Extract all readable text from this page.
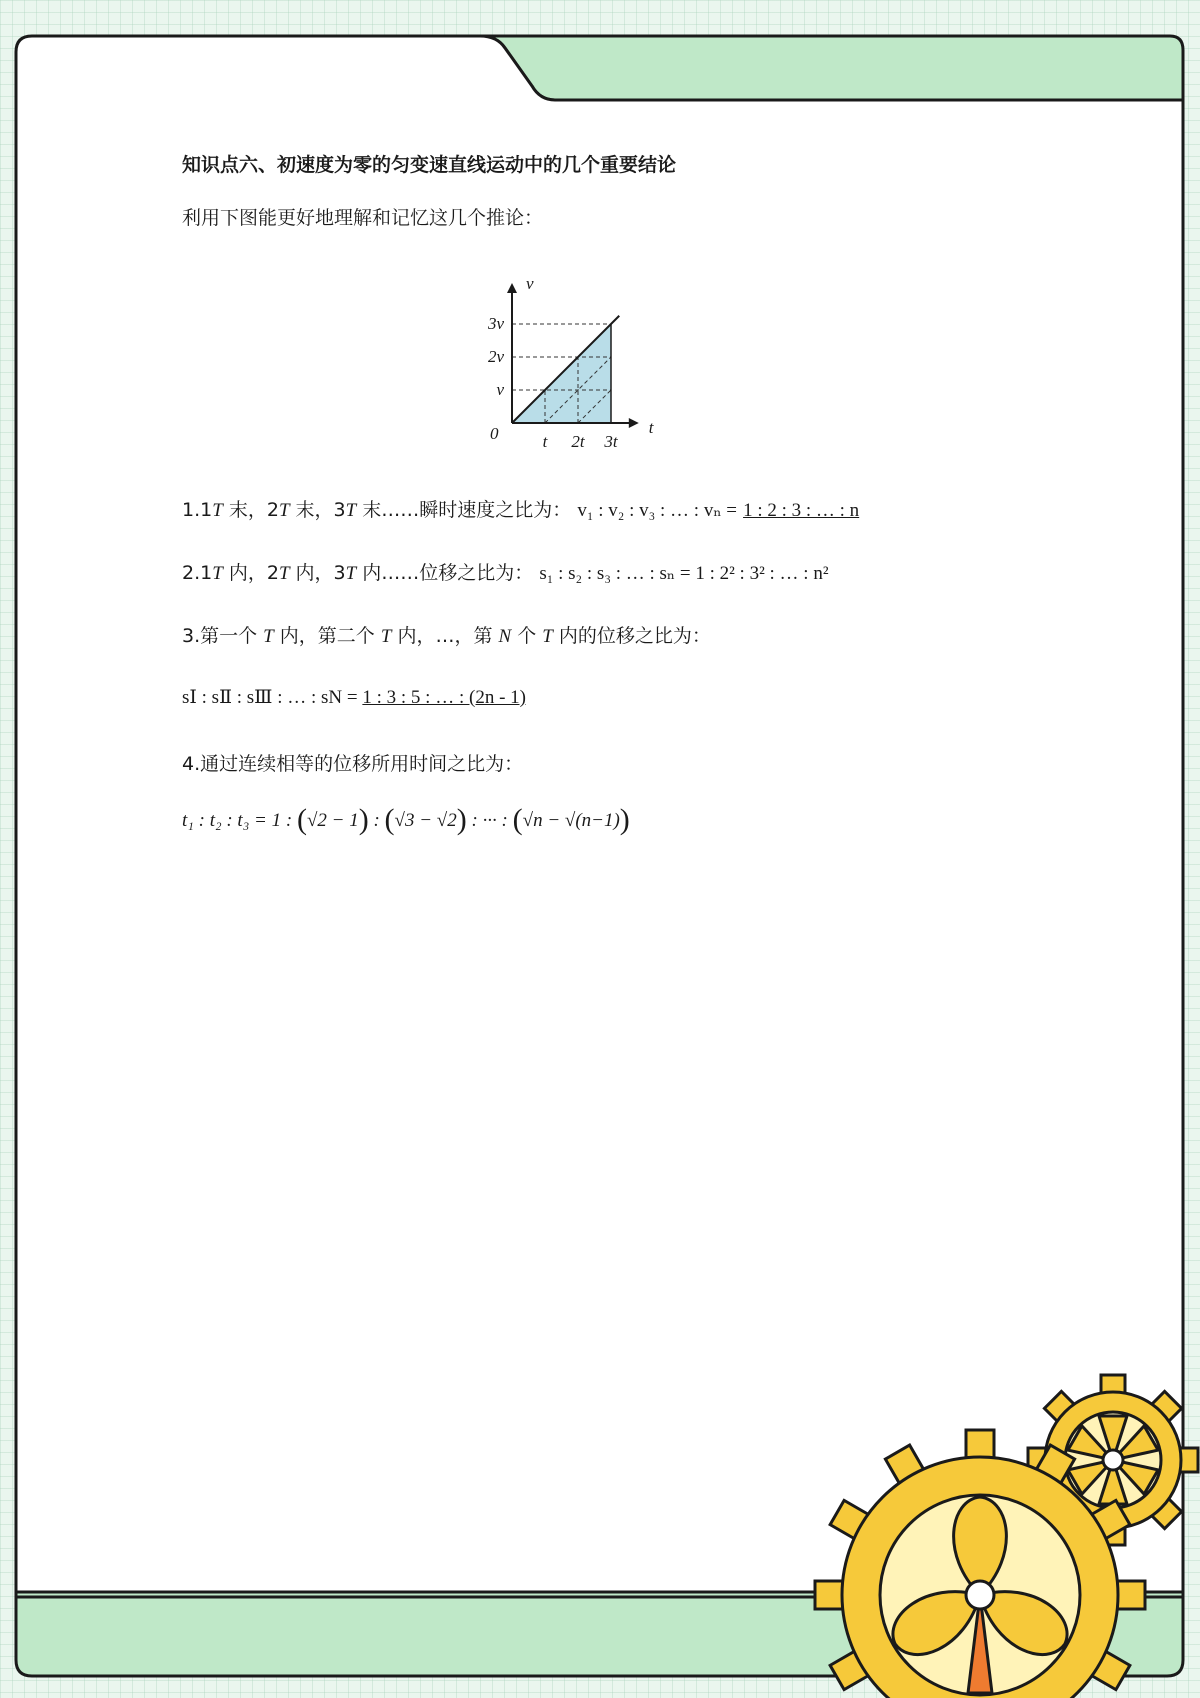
知识点六、初速度为零的匀变速直线运动中的几个重要结论
利用下图能更好地理解和记忆这几个推论：
v
t
0
v
2v
3v
t 2t 3t
1.1T 末，2T 末，3T 末……瞬时速度之比为： v₁ : v₂ : v₃ : … : vₙ = 1 : 2 : 3 : … : n
2.1T 内，2T 内，3T 内……位移之比为： s₁ : s₂ : s₃ : … : sₙ = 1 : 2² : 3² : … : n²
3.第一个 T 内，第二个 T 内，…，第 N 个 T 内的位移之比为：
sⅠ : sⅡ : sⅢ : … : sN = 1 : 3 : 5 : … : (2n - 1)
4.通过连续相等的位移所用时间之比为：
t₁ : t₂ : t₃ = 1 : (√2 − 1) : (√3 − √2) : ··· : (√n − √(n−1))
